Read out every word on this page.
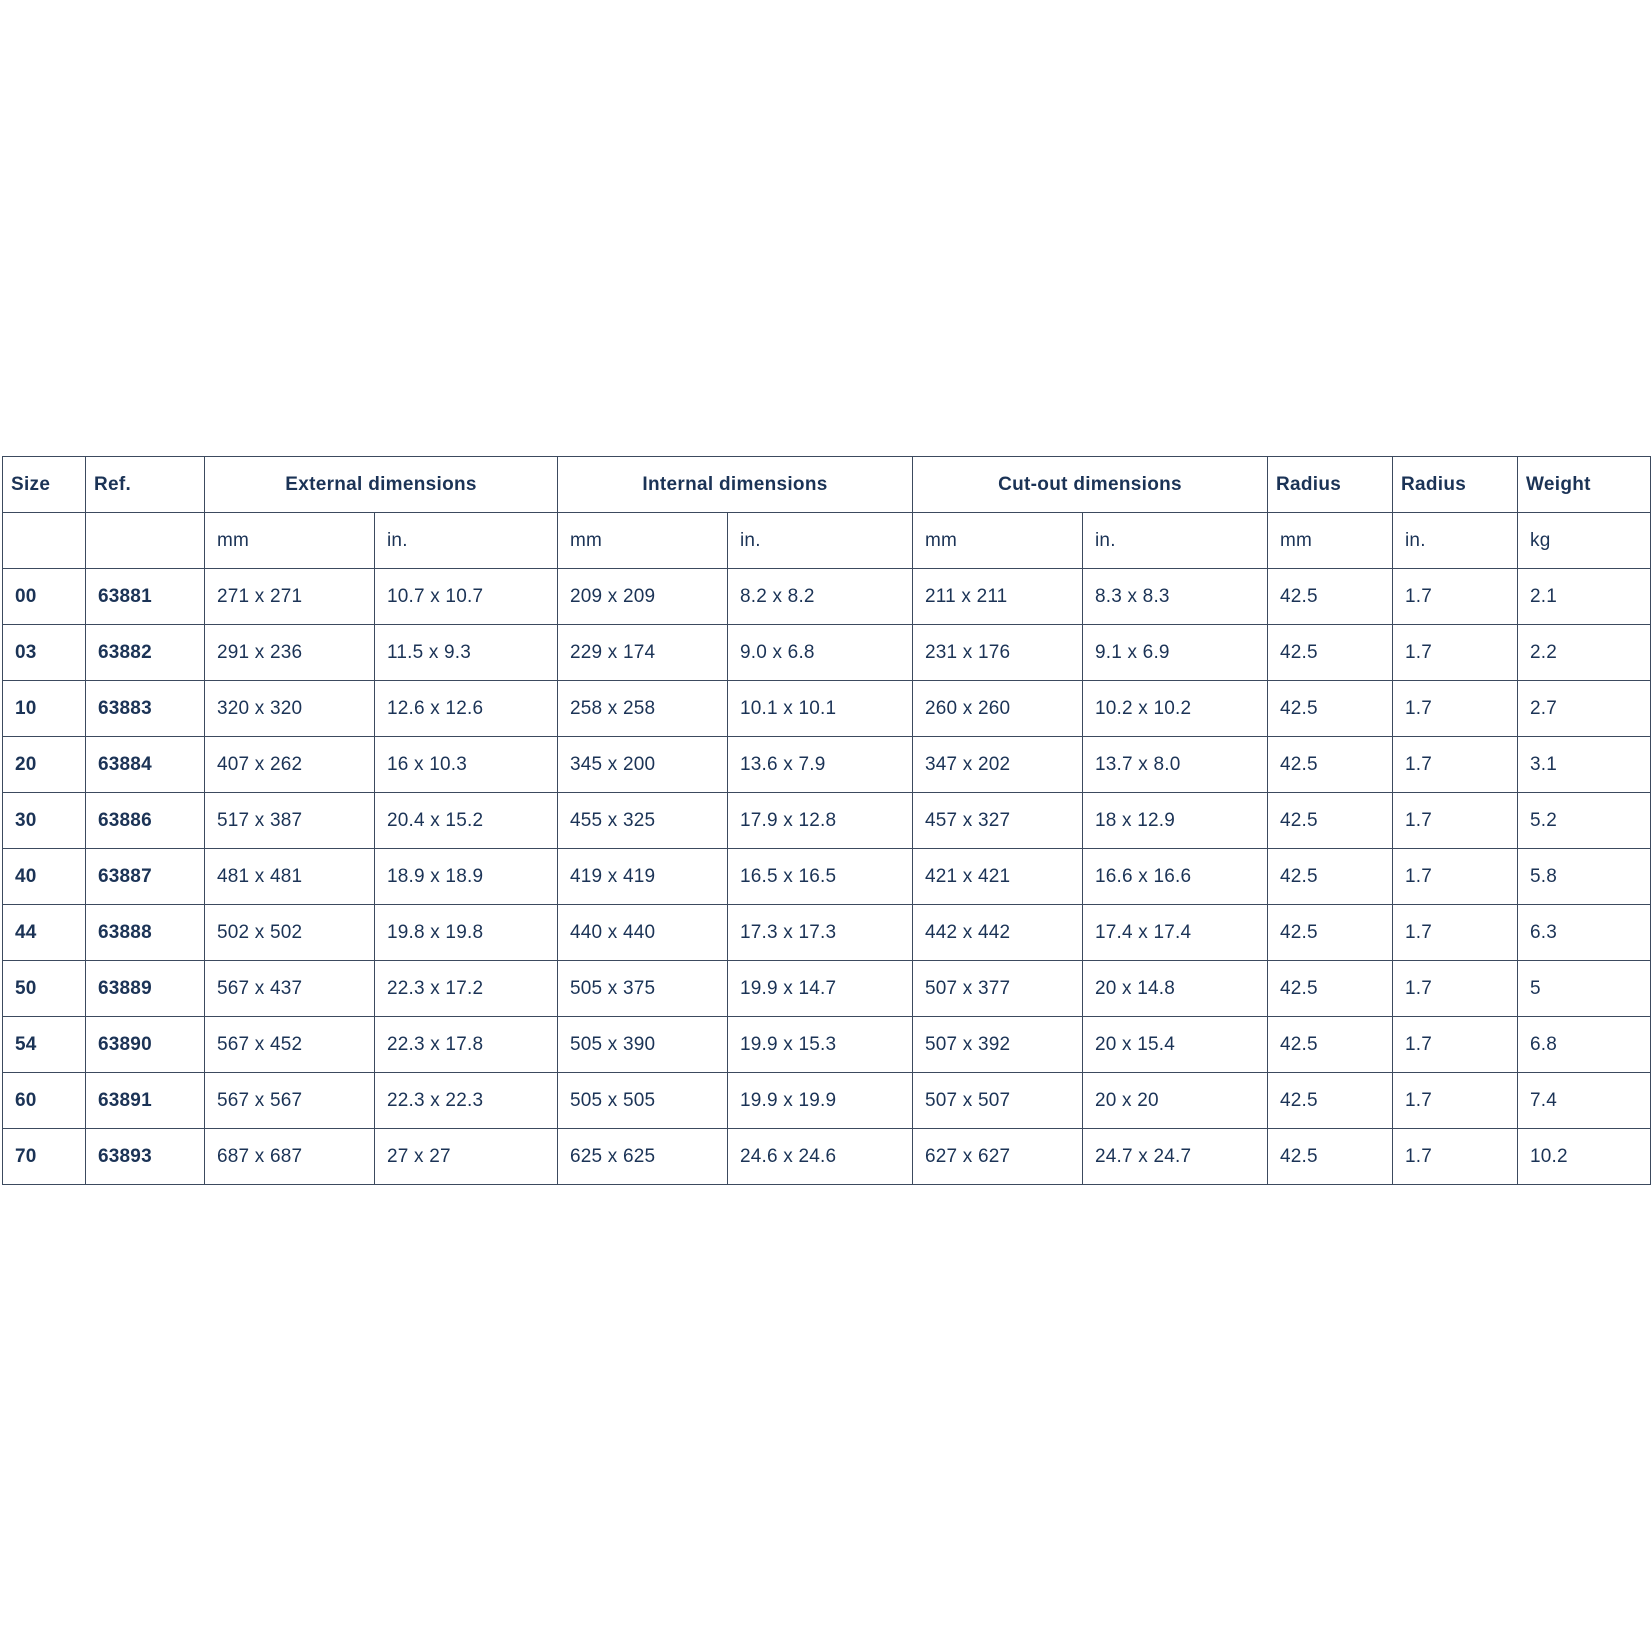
Size	Ref.	External dimensions		Internal dimensions		Cut-out dimensions		Radius	Radius	Weight
		mm	in.	mm	in.	mm	in.	mm	in.	kg
00	63881	271 x 271	10.7 x 10.7	209 x 209	8.2 x 8.2	211 x 211	8.3 x 8.3	42.5	1.7	2.1
03	63882	291 x 236	11.5 x 9.3	229 x 174	9.0 x 6.8	231 x 176	9.1 x 6.9	42.5	1.7	2.2
10	63883	320 x 320	12.6 x 12.6	258 x 258	10.1 x 10.1	260 x 260	10.2 x 10.2	42.5	1.7	2.7
20	63884	407 x 262	16 x 10.3	345 x 200	13.6 x 7.9	347 x 202	13.7 x 8.0	42.5	1.7	3.1
30	63886	517 x 387	20.4 x 15.2	455 x 325	17.9 x 12.8	457 x 327	18 x 12.9	42.5	1.7	5.2
40	63887	481 x 481	18.9 x 18.9	419 x 419	16.5 x 16.5	421 x 421	16.6 x 16.6	42.5	1.7	5.8
44	63888	502 x 502	19.8 x 19.8	440 x 440	17.3 x 17.3	442 x 442	17.4 x 17.4	42.5	1.7	6.3
50	63889	567 x 437	22.3 x 17.2	505 x 375	19.9 x 14.7	507 x 377	20 x 14.8	42.5	1.7	5
54	63890	567 x 452	22.3 x 17.8	505 x 390	19.9 x 15.3	507 x 392	20 x 15.4	42.5	1.7	6.8
60	63891	567 x 567	22.3 x 22.3	505 x 505	19.9 x 19.9	507 x 507	20 x 20	42.5	1.7	7.4
70	63893	687 x 687	27 x 27	625 x 625	24.6 x 24.6	627 x 627	24.7 x 24.7	42.5	1.7	10.2
